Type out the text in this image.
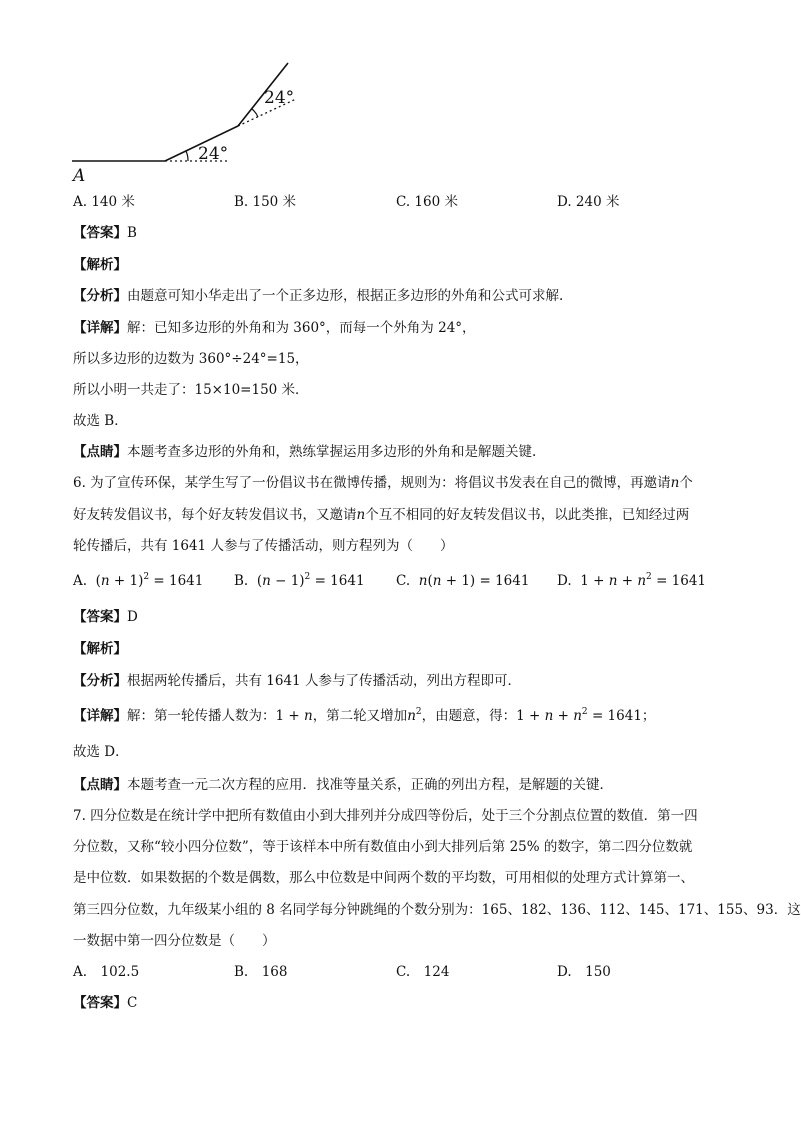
24°
24°
A
A. 140 米	B. 150 米	C. 160 米	D. 240 米
【答案】B
【解析】
【分析】由题意可知小华走出了一个正多边形，根据正多边形的外角和公式可求解.
【详解】解：已知多边形的外角和为 360°，而每一个外角为 24°，
所以多边形的边数为 360°÷24°=15，
所以小明一共走了：15×10=150 米．
故选 B．
【点睛】本题考查多边形的外角和，熟练掌握运用多边形的外角和是解题关键.
6. 为了宣传环保，某学生写了一份倡议书在微博传播，规则为：将倡议书发表在自己的微博，再邀请n个
好友转发倡议书，每个好友转发倡议书，又邀请n个互不相同的好友转发倡议书，以此类推，已知经过两
轮传播后，共有 1641 人参与了传播活动，则方程列为（　　）
A. $(n + 1)^2 = 1641$ B. $(n - 1)^2 = 1641$ C. n(n + 1) = 1641 D. $1 + n + n^2 = 1641$
【答案】D
【解析】
【分析】根据两轮传播后，共有 1641 人参与了传播活动，列出方程即可．
【详解】解：第一轮传播人数为：1 + n，第二轮又增加$n^2$，由题意，得：$1 + n + n^2 = 1641$；
故选 D．
【点睛】本题考查一元二次方程的应用．找准等量关系，正确的列出方程，是解题的关键．
7. 四分位数是在统计学中把所有数值由小到大排列并分成四等份后，处于三个分割点位置的数值．第一四
分位数，又称“较小四分位数”，等于该样本中所有数值由小到大排列后第 25% 的数字，第二四分位数就
是中位数．如果数据的个数是偶数，那么中位数是中间两个数的平均数，可用相似的处理方式计算第一、
第三四分位数，九年级某小组的 8 名同学每分钟跳绳的个数分别为：165、182、136、112、145、171、155、93．这
一数据中第一四分位数是（　　）
A.　102.5	B.　168	C.　124	D.　150
【答案】C
